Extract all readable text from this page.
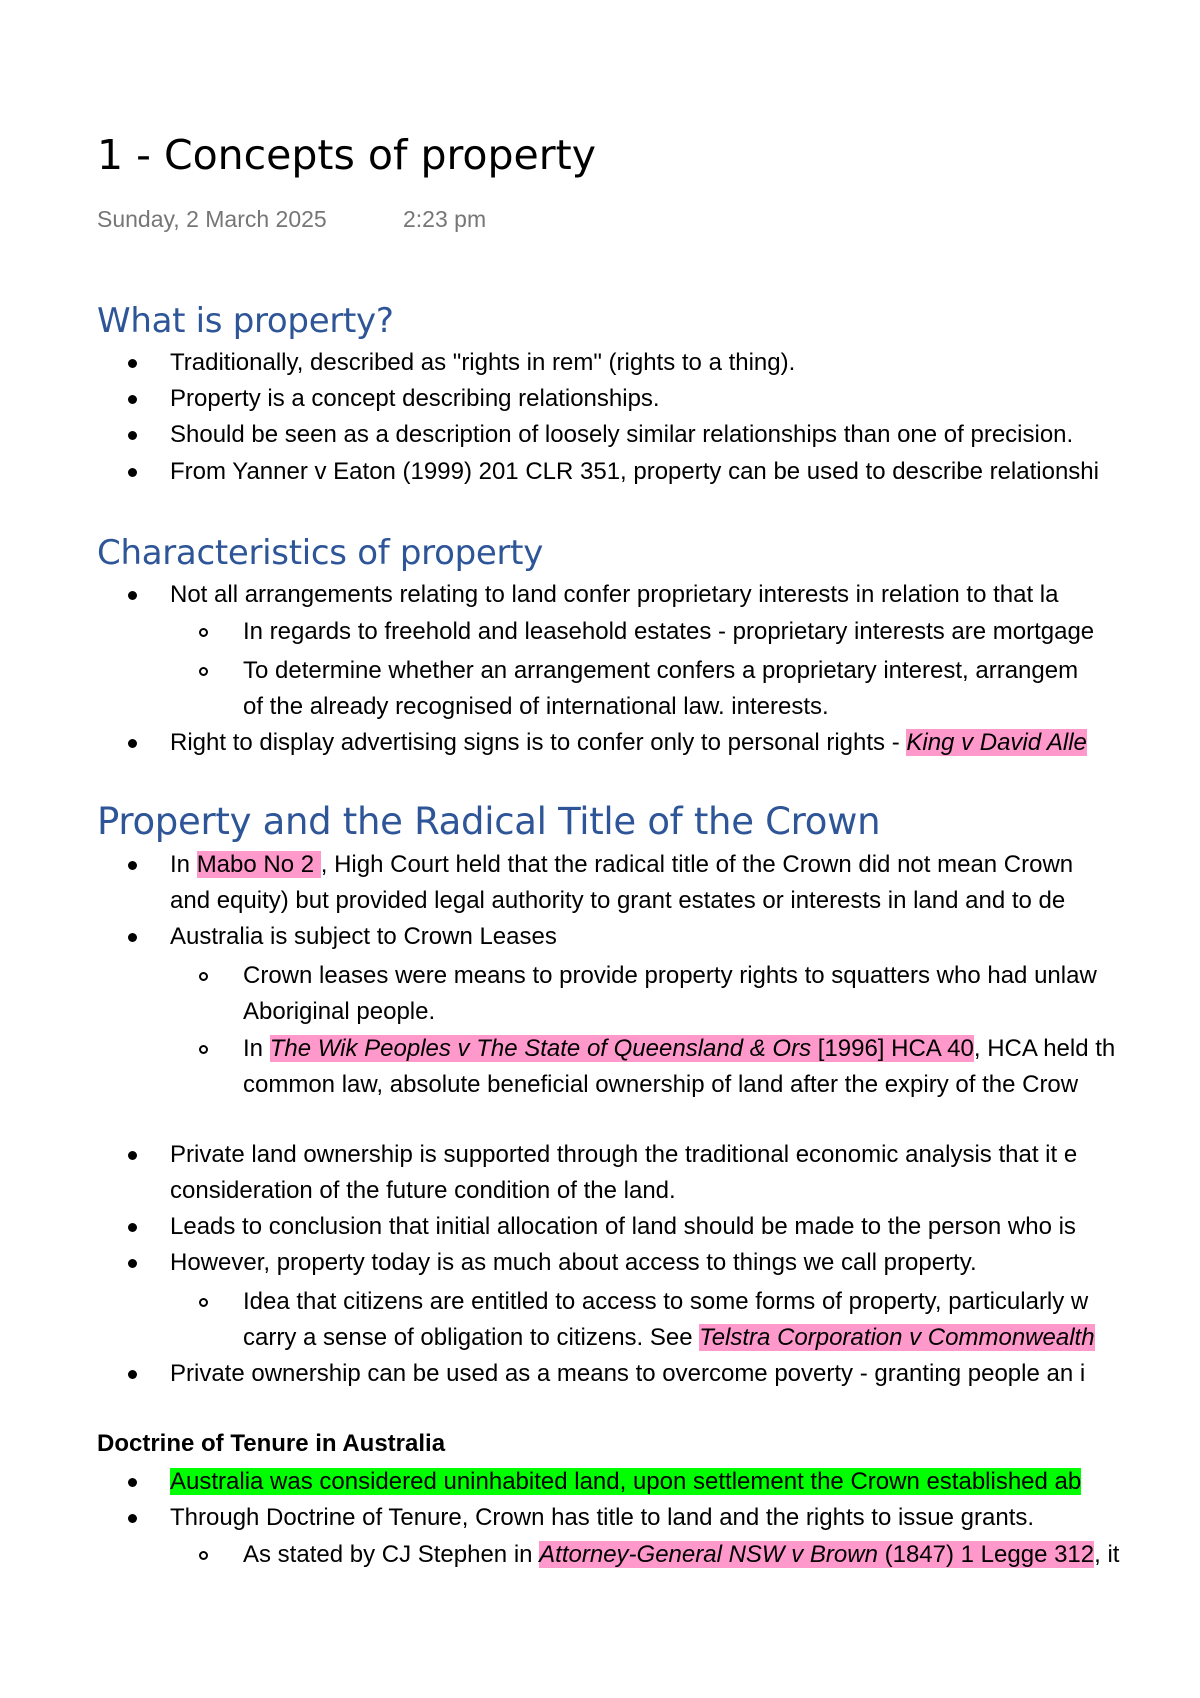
1 - Concepts of property
Sunday, 2 March 2025	2:23 pm
What is property?
Traditionally, described as "rights in rem" (rights to a thing).
Property is a concept describing relationships.
Should be seen as a description of loosely similar relationships than one of precision.
From Yanner v Eaton (1999) 201 CLR 351, property can be used to describe relationshi
Characteristics of property
Not all arrangements relating to land confer proprietary interests in relation to that la
In regards to freehold and leasehold estates - proprietary interests are mortgage
To determine whether an arrangement confers a proprietary interest, arrangem
of the already recognised of international law. interests.
Right to display advertising signs is to confer only to personal rights - King v David Alle
Property and the Radical Title of the Crown
In Mabo No 2 , High Court held that the radical title of the Crown did not mean Crown
and equity) but provided legal authority to grant estates or interests in land and to de
Australia is subject to Crown Leases
Crown leases were means to provide property rights to squatters who had unlaw
Aboriginal people.
In The Wik Peoples v The State of Queensland & Ors [1996] HCA 40, HCA held th
common law, absolute beneficial ownership of land after the expiry of the Crow
Private land ownership is supported through the traditional economic analysis that it e
consideration of the future condition of the land.
Leads to conclusion that initial allocation of land should be made to the person who is
However, property today is as much about access to things we call property.
Idea that citizens are entitled to access to some forms of property, particularly w
carry a sense of obligation to citizens. See Telstra Corporation v Commonwealth
Private ownership can be used as a means to overcome poverty - granting people an i
Doctrine of Tenure in Australia
Australia was considered uninhabited land, upon settlement the Crown established ab
Through Doctrine of Tenure, Crown has title to land and the rights to issue grants.
As stated by CJ Stephen in Attorney-General NSW v Brown (1847) 1 Legge 312, it
